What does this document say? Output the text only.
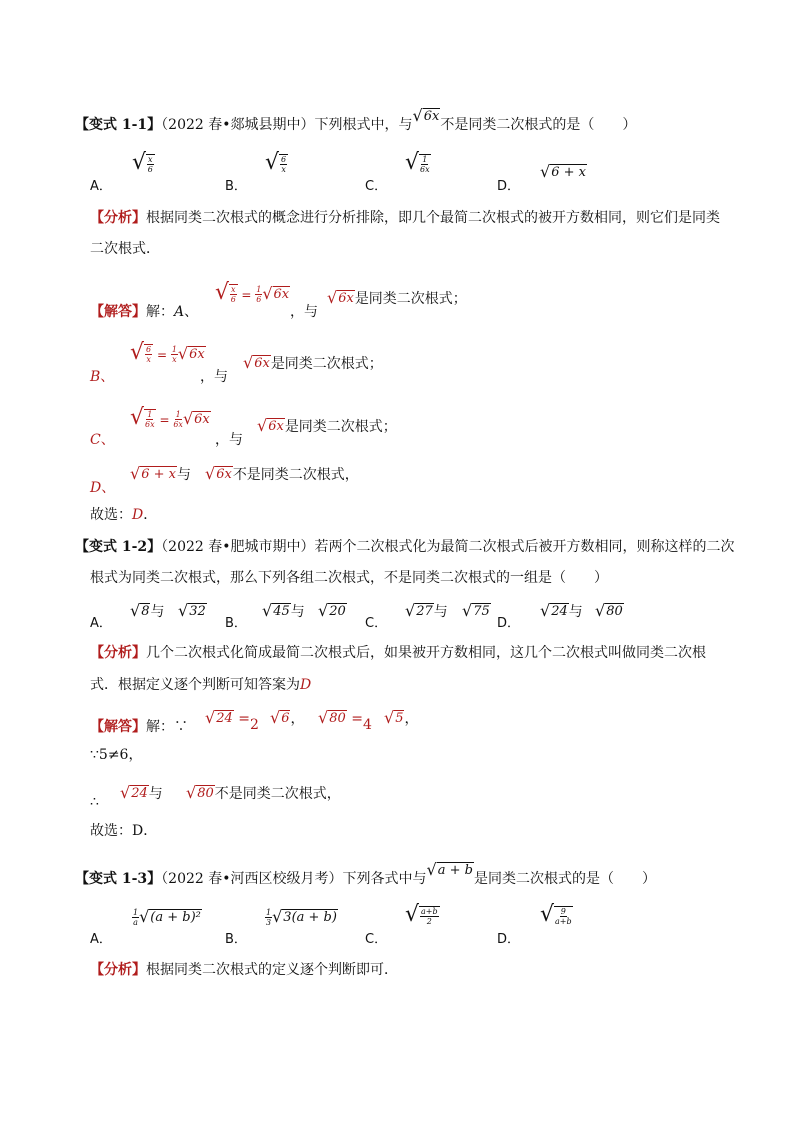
【变式 1-1】（2022 春•郯城县期中）下列根式中，与 √ 6x
不是同类二次根式的是（　　）
A．
√ $\frac{x}{6}$
B．
√ $\frac{6}{x}$
C．
√ $\frac{1}{6x}$
D．
√ 6 + x
【分析】根据同类二次根式的概念进行分析排除，即几个最简二次根式的被开方数相同，则它们是同类
二次根式．
【解答】解：A、
√ $\frac{x}{6} = \frac{1}{6}$ √ 6x
，与
√ 6x 是同类二次根式；
B、
√ $\frac{6}{x} = \frac{1}{x}$ √ 6x
，与
√ 6x 是同类二次根式；
C、
√ $\frac{1}{6x} = \frac{1}{6x}$ √ 6x
，与
√ 6x 是同类二次根式；
D、
√ 6 + x 与 √ 6x 不是同类二次根式，
故选：D．
【变式 1-2】（2022 春•肥城市期中）若两个二次根式化为最简二次根式后被开方数相同，则称这样的二次
根式为同类二次根式，那么下列各组二次根式，不是同类二次根式的一组是（　　）
A．
√ 8 与 √ 32
B．
√ 45 与 √ 20
C．
√ 27 与 √ 75
D．
√ 24 与 √ 80
【分析】几个二次根式化简成最简二次根式后，如果被开方数相同，这几个二次根式叫做同类二次根
式．根据定义逐个判断可知答案为D
【解答】解：∵ √ 24 =2 √ 6 ， √ 80 =4 √ 5 ，
∵5≠6，
∴ √ 24 与 √ 80 不是同类二次根式，
故选：D．
【变式 1-3】（2022 春•河西区校级月考）下列各式中与 √ a + b
是同类二次根式的是（　　）
A．
$\frac{1}{a}$ √ (a + b)²
B．
$\frac{1}{3}$ √ 3(a + b)
C．
√ $\frac{a+b}{2}$
D．
√ $\frac{9}{a+b}$
【分析】根据同类二次根式的定义逐个判断即可．
